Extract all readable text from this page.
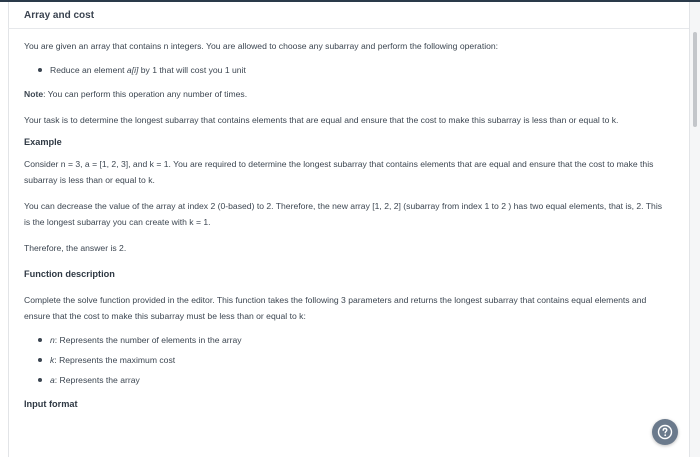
Array and cost

You are given an array that contains n integers. You are allowed to choose any subarray and perform the following operation:

Reduce an element a[i] by 1 that will cost you 1 unit

Note: You can perform this operation any number of times.

Your task is to determine the longest subarray that contains elements that are equal and ensure that the cost to make this subarray is less than or equal to k.

Example

Consider n = 3, a = [1, 2, 3], and k = 1. You are required to determine the longest subarray that contains elements that are equal and ensure that the cost to make this subarray is less than or equal to k.

You can decrease the value of the array at index 2 (0-based) to 2. Therefore, the new array [1, 2, 2] (subarray from index 1 to 2 ) has two equal elements, that is, 2. This is the longest subarray you can create with k = 1.

Therefore, the answer is 2.

Function description

Complete the solve function provided in the editor. This function takes the following 3 parameters and returns the longest subarray that contains equal elements and ensure that the cost to make this subarray must be less than or equal to k:

n: Represents the number of elements in the array
k: Represents the maximum cost
a: Represents the array

Input format
